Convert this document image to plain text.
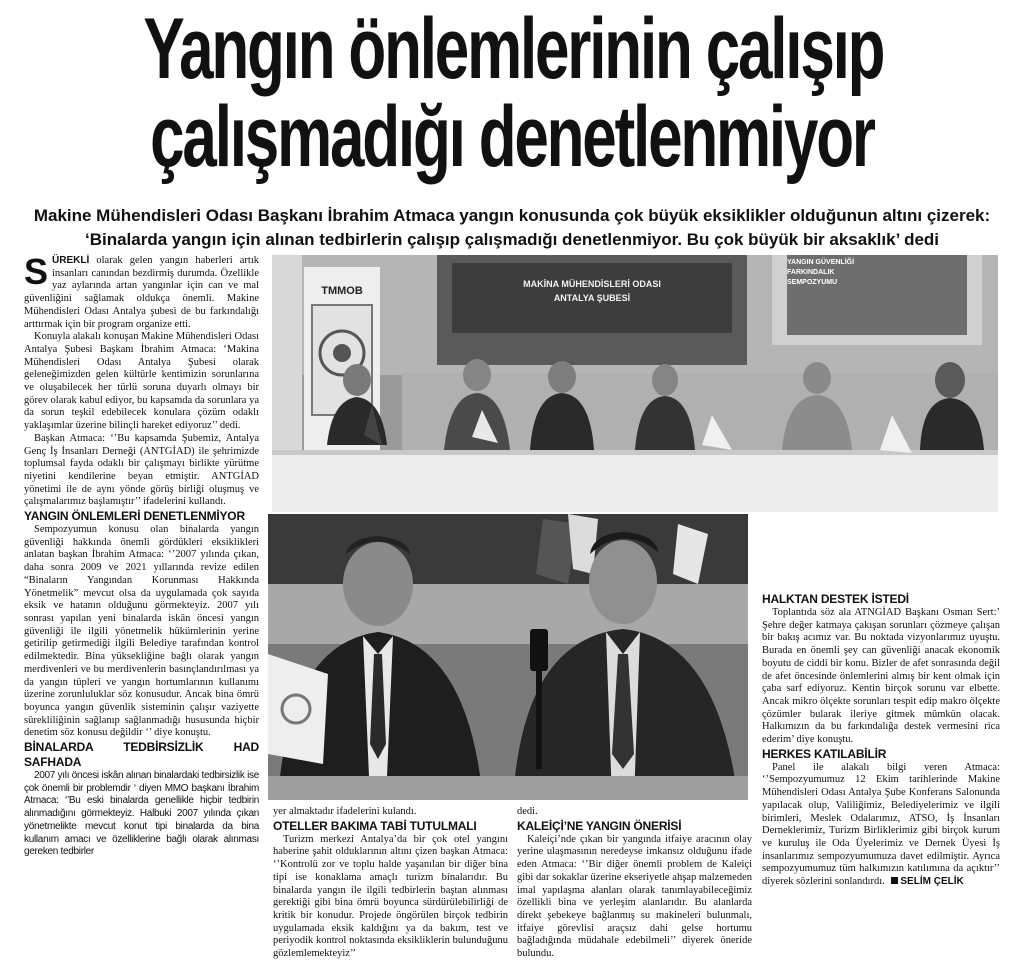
Yangın önlemlerinin çalışıp
çalışmadığı denetlenmiyor
Makine Mühendisleri Odası Başkanı İbrahim Atmaca yangın konusunda çok büyük eksiklikler olduğunun altını çizerek: ‘Binalarda yangın için alınan tedbirlerin çalışıp çalışmadığı denetlenmiyor. Bu çok büyük bir aksaklık’ dedi
MAKİNA MÜHENDİSLERİ ODASI
ANTALYA ŞUBESİ
YANGIN GÜVENLİĞİ
FARKINDALIK
SEMPOZYUMU
TMMOB

SÜREKLİ olarak gelen yangın haberleri artık insanları canından bezdirmiş durumda. Özellikle yaz aylarında artan yangınlar için can ve mal güvenliğini sağlamak oldukça önemli. Makine Mühendisleri Odası Antalya şubesi de bu farkındalığı arttırmak için bir program organize etti.

Konuyla alakalı konuşan Makine Mühendisleri Odası Antalya Şubesi Başkanı İbrahim Atmaca: ‘Makina Mühendisleri Odası Antalya Şubesi olarak geleneğimizden gelen kültürle kentimizin sorunlarına ve oluşabilecek her türlü soruna duyarlı olmayı bir görev olarak kabul ediyor, bu kapsamda da sorunlara ya da sorun teşkil edebilecek konulara çözüm odaklı yaklaşımlar üzerine bilinçli hareket ediyoruz’’ dedi.

Başkan Atmaca: ‘’Bu kapsamda Şubemiz, Antalya Genç İş İnsanları Derneği (ANTGİAD) ile şehrimizde toplumsal fayda odaklı bir çalışmayı birlikte yürütme niyetini kendilerine beyan etmiştir. ANTGİAD yönetimi ile de aynı yönde görüş birliği oluşmuş ve çalışmalarımız başlamıştır’’ ifadelerini kullandı.

YANGIN ÖNLEMLERİ DENETLENMİYOR

Sempozyumun konusu olan binalarda yangın güvenliği hakkında önemli gördükleri eksiklikleri anlatan başkan İbrahim Atmaca: ‘’2007 yılında çıkan, daha sonra 2009 ve 2021 yıllarında revize edilen “Binaların Yangından Korunması Hakkında Yönetmelik” mevcut olsa da uygulamada çok sayıda eksik ve hatanın olduğunu görmekteyiz. 2007 yılı sonrası yapılan yeni binalarda iskân öncesi yangın güvenliği ile ilgili yönetmelik hükümlerinin yerine getirilip getirmediği ilgili Belediye tarafından kontrol edilmektedir. Bina yüksekliğine bağlı olarak yangın merdivenleri ve bu merdivenlerin basınçlandırılması ya da yangın tüpleri ve yangın hortumlarının kullanımı üzerine zorunluluklar söz konusudur. Ancak bina ömrü boyunca yangın güvenlik sisteminin çalışır vaziyette sürekliliğinin sağlanıp sağlanmadığı hususunda hiçbir denetim söz konusu değildir ‘’ diye konuştu.

BİNALARDA TEDBİRSİZLİK HAD SAFHADA

2007 yılı öncesi iskân alınan binalardaki tedbirsizlik ise çok önemli bir problemdir ‘ diyen MMO başkanı İbrahim Atmaca: ‘’Bu eski binalarda genellikle hiçbir tedbirin alınmadığını görmekteyiz. Halbuki 2007 yılında çıkan yönetmelikte mevcut konut tipi binalarda da bina kullanım amacı ve özelliklerine bağlı olarak alınması gereken tedbirler

yer almaktadır ifadelerini kulandı.

OTELLER BAKIMA TABİ TUTULMALI

Turizm merkezi Antalya’da bir çok otel yangını haberine şahit olduklarının altını çizen başkan Atmaca: ‘’Kontrolü zor ve toplu halde yaşanılan bir diğer bina tipi ise konaklama amaçlı turizm binalarıdır. Bu binalarda yangın ile ilgili tedbirlerin baştan alınması gerektiği gibi bina ömrü boyunca sürdürülebilirliği de kritik bir konudur. Projede öngörülen birçok tedbirin uygulamada eksik kaldığını ya da bakım, test ve periyodik kontrol noktasında eksikliklerin bulunduğunu gözlemlemekteyiz’’

dedi.

KALEİÇİ’NE YANGIN ÖNERİSİ

Kaleiçi’nde çıkan bir yangında itfaiye aracının olay yerine ulaşmasının neredeyse imkansız olduğunu ifade eden Atmaca: ‘’Bir diğer önemli problem de Kaleiçi gibi dar sokaklar üzerine ekseriyetle ahşap malzemeden imal yapılaşma alanları olarak tanımlayabileceğimiz özellikli bina ve yerleşim alanlarıdır. Bu alanlarda direkt şebekeye bağlanmış su makineleri bulunmalı, itfaiye görevlisi araçsız dahi gelse hortumu bağladığında müdahale edebilmeli’’ diyerek öneride bulundu.

HALKTAN DESTEK İSTEDİ

Toplantıda söz ala ATNGİAD Başkanı Osman Sert:’ Şehre değer katmaya çakışan sorunları çözmeye çalışan bir bakış acımız var. Bu noktada vizyonlarımız uyuştu. Burada en önemli şey can güvenliği anacak ekonomik boyutu de ciddi bir konu. Bizler de afet sonrasında değil de afet öncesinde önlemlerini almış bir kent olmak için çaba sarf ediyoruz. Kentin birçok sorunu var elbette. Ancak mikro ölçekte sorunları tespit edip makro ölçekte çözümler bularak ileriye gitmek mümkün olacak. Halkımızın da bu farkındalığa destek vermesini rica ederim’ diye konuştu.

HERKES KATILABİLİR

Panel ile alakalı bilgi veren Atmaca: ‘’Sempozyumumuz 12 Ekim tarihlerinde Makine Mühendisleri Odası Antalya Şube Konferans Salonunda yapılacak olup, Valiliğimiz, Belediyelerimiz ve ilgili birimleri, Meslek Odalarımız, ATSO, İş İnsanları Derneklerimiz, Turizm Birliklerimiz gibi birçok kurum ve kuruluş ile Oda Üyelerimiz ve Dernek Üyesi İş insanlarımız sempozyumumuza davet edilmiştir. Ayrıca sempozyumumuz tüm halkımızın katılımına da açıktır’’ diyerek sözlerini sonlandırdı. SELİM ÇELİK
